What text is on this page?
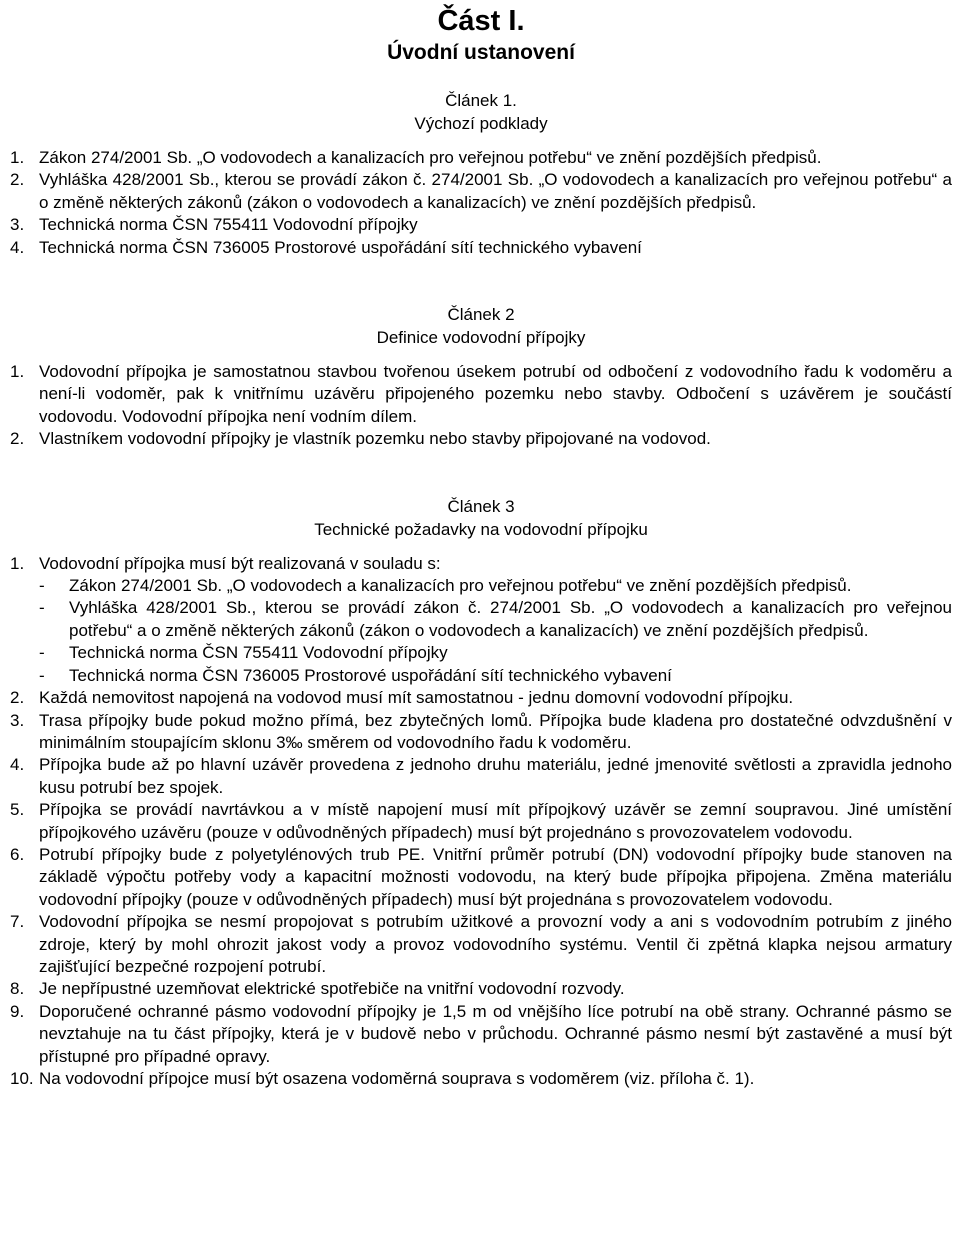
Část I.
Úvodní ustanovení
Článek 1.
Výchozí podklady
1. Zákon 274/2001 Sb. „O vodovodech a kanalizacích pro veřejnou potřebu“ ve znění pozdějších předpisů.
2. Vyhláška 428/2001 Sb., kterou se provádí zákon č. 274/2001 Sb. „O vodovodech a kanalizacích pro veřejnou potřebu“ a o změně některých zákonů (zákon o vodovodech a kanalizacích) ve znění pozdějších předpisů.
3. Technická norma ČSN 755411 Vodovodní přípojky
4. Technická norma ČSN 736005 Prostorové uspořádání sítí technického vybavení
Článek 2
Definice vodovodní přípojky
1. Vodovodní přípojka je samostatnou stavbou tvořenou úsekem potrubí od odbočení z vodovodního řadu k vodoměru a není-li vodoměr, pak k vnitřnímu uzávěru připojeného pozemku nebo stavby. Odbočení s uzávěrem je součástí vodovodu. Vodovodní přípojka není vodním dílem.
2. Vlastníkem vodovodní přípojky je vlastník pozemku nebo stavby připojované na vodovod.
Článek 3
Technické požadavky na vodovodní přípojku
1. Vodovodní přípojka musí být realizovaná v souladu s:
-	Zákon 274/2001 Sb. „O vodovodech a kanalizacích pro veřejnou potřebu“ ve znění pozdějších předpisů.
-	Vyhláška 428/2001 Sb., kterou se provádí zákon č. 274/2001 Sb. „O vodovodech a kanalizacích pro veřejnou potřebu“ a o změně některých zákonů (zákon o vodovodech a kanalizacích) ve znění pozdějších předpisů.
-	Technická norma ČSN 755411 Vodovodní přípojky
-	Technická norma ČSN 736005 Prostorové uspořádání sítí technického vybavení
2. Každá nemovitost napojená na vodovod musí mít samostatnou - jednu domovní vodovodní přípojku.
3. Trasa přípojky bude pokud možno přímá, bez zbytečných lomů. Přípojka bude kladena pro dostatečné odvzdušnění v minimálním stoupajícím sklonu 3‰ směrem od vodovodního řadu k vodoměru.
4. Přípojka bude až po hlavní uzávěr provedena z jednoho druhu materiálu, jedné jmenovité světlosti a zpravidla jednoho kusu potrubí bez spojek.
5. Přípojka se provádí navrtávkou a v místě napojení musí mít přípojkový uzávěr se zemní soupravou. Jiné umístění přípojkového uzávěru (pouze v odůvodněných případech) musí být projednáno s provozovatelem vodovodu.
6. Potrubí přípojky bude z polyetylénových trub PE. Vnitřní průměr potrubí (DN) vodovodní přípojky bude stanoven na základě výpočtu potřeby vody a kapacitní možnosti vodovodu, na který bude přípojka připojena. Změna materiálu vodovodní přípojky (pouze v odůvodněných případech) musí být projednána s provozovatelem vodovodu.
7. Vodovodní přípojka se nesmí propojovat s potrubím užitkové a provozní vody a ani s vodovodním potrubím z jiného zdroje, který by mohl ohrozit jakost vody a provoz vodovodního systému. Ventil či zpětná klapka nejsou armatury zajišťující bezpečné rozpojení potrubí.
8. Je nepřípustné uzemňovat elektrické spotřebiče na vnitřní vodovodní rozvody.
9. Doporučené ochranné pásmo vodovodní přípojky je 1,5 m od vnějšího líce potrubí na obě strany. Ochranné pásmo se nevztahuje na tu část přípojky, která je v budově nebo v průchodu. Ochranné pásmo nesmí být zastavěné a musí být přístupné pro případné opravy.
10. Na vodovodní přípojce musí být osazena vodoměrná souprava s vodoměrem (viz. příloha č. 1).
